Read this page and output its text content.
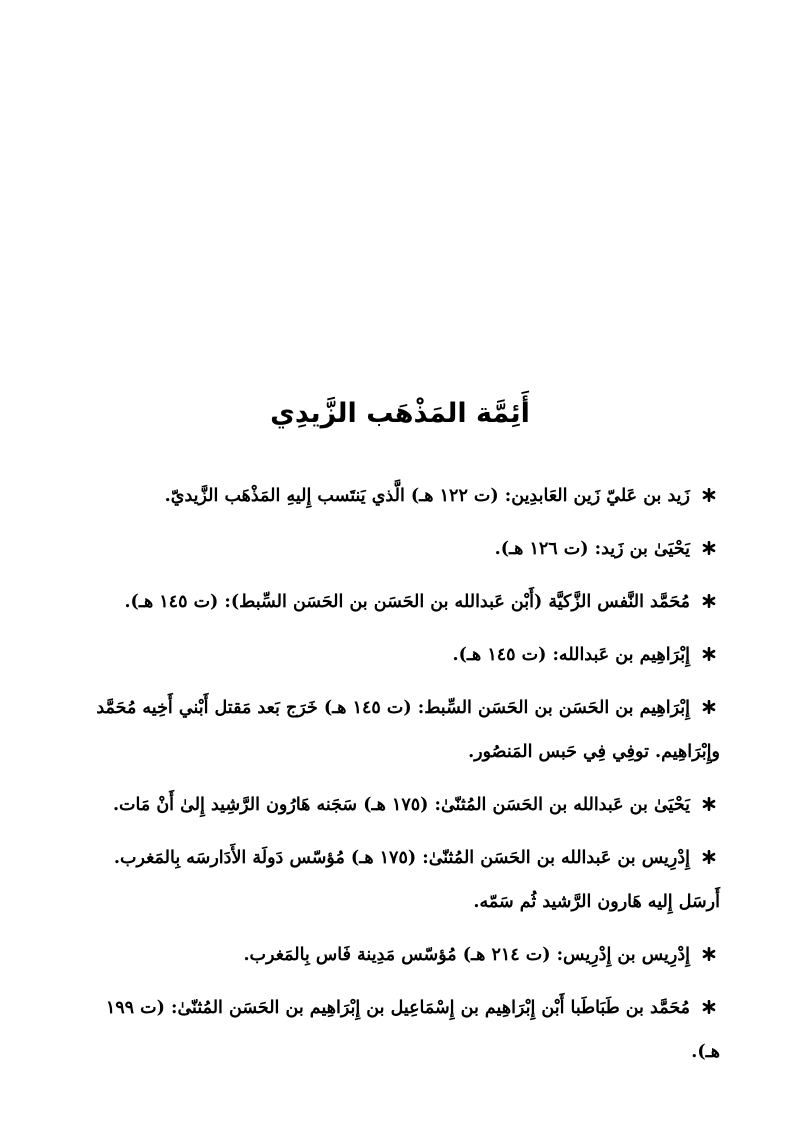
أَئِمَّة المَذْهَب الزَّيدِي

زَيد بن عَليّ زَين العَابدِين: (ت ١٢٢ هـ) الَّذي يَنتَسب إِليهِ المَذْهَب الزَّيديّ.

يَحْيَىٰ بن زَيد: (ت ١٢٦ هـ).

مُحَمَّد النَّفس الزَّكيَّة (أَبْن عَبدالله بن الحَسَن بن الحَسَن السِّبط): (ت ١٤٥ هـ).

إِبْرَاهِيم بن عَبدالله: (ت ١٤٥ هـ).

إِبْرَاهِيم بن الحَسَن بن الحَسَن السِّبط: (ت ١٤٥ هـ) خَرَج بَعد مَقتل أَبْني أَخِيه مُحَمَّد وإِبْرَاهِيم. توفِي فِي حَبس المَنصُور.

يَحْيَىٰ بن عَبدالله بن الحَسَن المُثنّىٰ: (١٧٥ هـ) سَجَنه هَارُون الرَّشِيد إِلىٰ أَنْ مَات.

إِدْرِيس بن عَبدالله بن الحَسَن المُثنّىٰ: (١٧٥ هـ) مُؤسّس دَولَة الأَدَارسَه بِالمَغرب. أَرسَل إِليه هَارون الرَّشيد ثُم سَمّه.

إِدْرِيس بن إِدْرِيس: (ت ٢١٤ هـ) مُؤسّس مَدِينة فَاس بِالمَغرب.

مُحَمَّد بن طَبَاطَبا أَبْن إِبْرَاهِيم بن إِسْمَاعِيل بن إِبْرَاهِيم بن الحَسَن المُثنّىٰ: (ت ١٩٩ هـ).
